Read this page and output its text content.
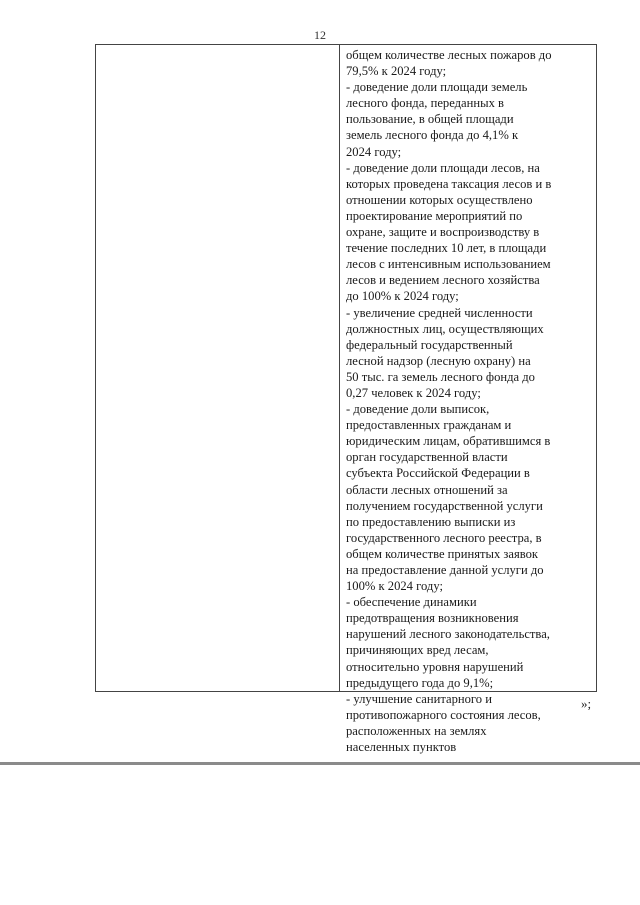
12
общем количестве лесных пожаров до
79,5% к 2024 году;
- доведение доли площади земель
лесного фонда, переданных в
пользование, в общей площади
земель лесного фонда до 4,1% к
2024 году;
- доведение доли площади лесов, на
которых проведена таксация лесов и в
отношении которых осуществлено
проектирование мероприятий по
охране, защите и воспроизводству в
течение последних 10 лет, в площади
лесов с интенсивным использованием
лесов и ведением лесного хозяйства
до 100% к 2024 году;
- увеличение средней численности
должностных лиц, осуществляющих
федеральный государственный
лесной надзор (лесную охрану) на
50 тыс. га земель лесного фонда до
0,27 человек к 2024 году;
- доведение доли выписок,
предоставленных гражданам и
юридическим лицам, обратившимся в
орган государственной власти
субъекта Российской Федерации в
области лесных отношений за
получением государственной услуги
по предоставлению выписки из
государственного лесного реестра, в
общем количестве принятых заявок
на предоставление данной услуги до
100% к 2024 году;
- обеспечение динамики
предотвращения возникновения
нарушений лесного законодательства,
причиняющих вред лесам,
относительно уровня нарушений
предыдущего года до 9,1%;
- улучшение санитарного и
противопожарного состояния лесов,
расположенных на землях
населенных пунктов
»;
